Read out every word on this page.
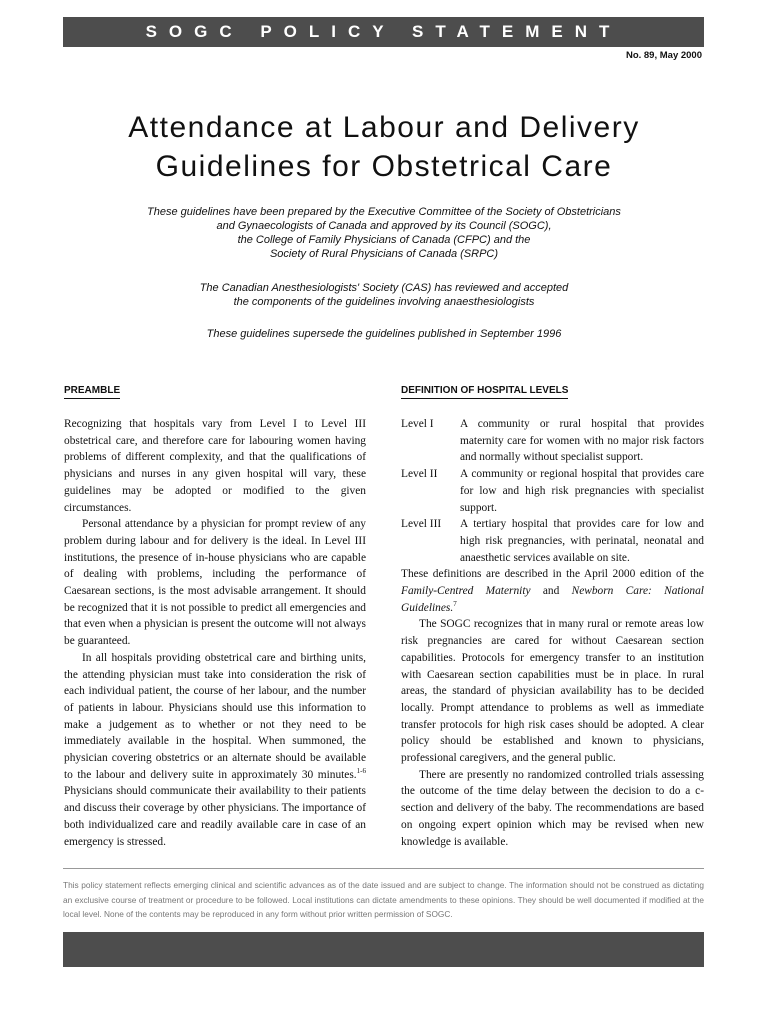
SOGC POLICY STATEMENT
No. 89, May 2000
Attendance at Labour and Delivery
Guidelines for Obstetrical Care

These guidelines have been prepared by the Executive Committee of the Society of Obstetricians
and Gynaecologists of Canada and approved by its Council (SOGC),
the College of Family Physicians of Canada (CFPC) and the
Society of Rural Physicians of Canada (SRPC)

The Canadian Anesthesiologists' Society (CAS) has reviewed and accepted
the components of the guidelines involving anaesthesiologists

These guidelines supersede the guidelines published in September 1996

PREAMBLE

Recognizing that hospitals vary from Level I to Level III obstetrical care, and therefore care for labouring women having problems of different complexity, and that the qualifications of physicians and nurses in any given hospital will vary, these guidelines may be adopted or modified to the given circumstances.

Personal attendance by a physician for prompt review of any problem during labour and for delivery is the ideal. In Level III institutions, the presence of in-house physicians who are capable of dealing with problems, including the performance of Caesarean sections, is the most advisable arrangement. It should be recognized that it is not possible to predict all emergencies and that even when a physician is present the outcome will not always be guaranteed.

In all hospitals providing obstetrical care and birthing units, the attending physician must take into consideration the risk of each individual patient, the course of her labour, and the number of patients in labour. Physicians should use this information to make a judgement as to whether or not they need to be immediately available in the hospital. When summoned, the physician covering obstetrics or an alternate should be available to the labour and delivery suite in approximately 30 minutes.$^{1-6}$ Physicians should communicate their availability to their patients and discuss their coverage by other physicians. The importance of both individualized care and readily available care in case of an emergency is stressed.

DEFINITION OF HOSPITAL LEVELS
Level I	A community or rural hospital that provides maternity care for women with no major risk factors and normally without specialist support.
Level II	A community or regional hospital that provides care for low and high risk pregnancies with specialist support.
Level III	A tertiary hospital that provides care for low and high risk pregnancies, with perinatal, neonatal and anaesthetic services available on site.

These definitions are described in the April 2000 edition of the Family-Centred Maternity and Newborn Care: National Guidelines.$^7$

The SOGC recognizes that in many rural or remote areas low risk pregnancies are cared for without Caesarean section capabilities. Protocols for emergency transfer to an institution with Caesarean section capabilities must be in place. In rural areas, the standard of physician availability has to be decided locally. Prompt attendance to problems as well as immediate transfer protocols for high risk cases should be adopted. A clear policy should be established and known to physicians, professional caregivers, and the general public.

There are presently no randomized controlled trials assessing the outcome of the time delay between the decision to do a c-section and delivery of the baby. The recommendations are based on ongoing expert opinion which may be revised when new knowledge is available.

This policy statement reflects emerging clinical and scientific advances as of the date issued and are subject to change. The information should not be construed as dictating an exclusive course of treatment or procedure to be followed. Local institutions can dictate amendments to these opinions. They should be well documented if modified at the local level. None of the contents may be reproduced in any form without prior written permission of SOGC.
